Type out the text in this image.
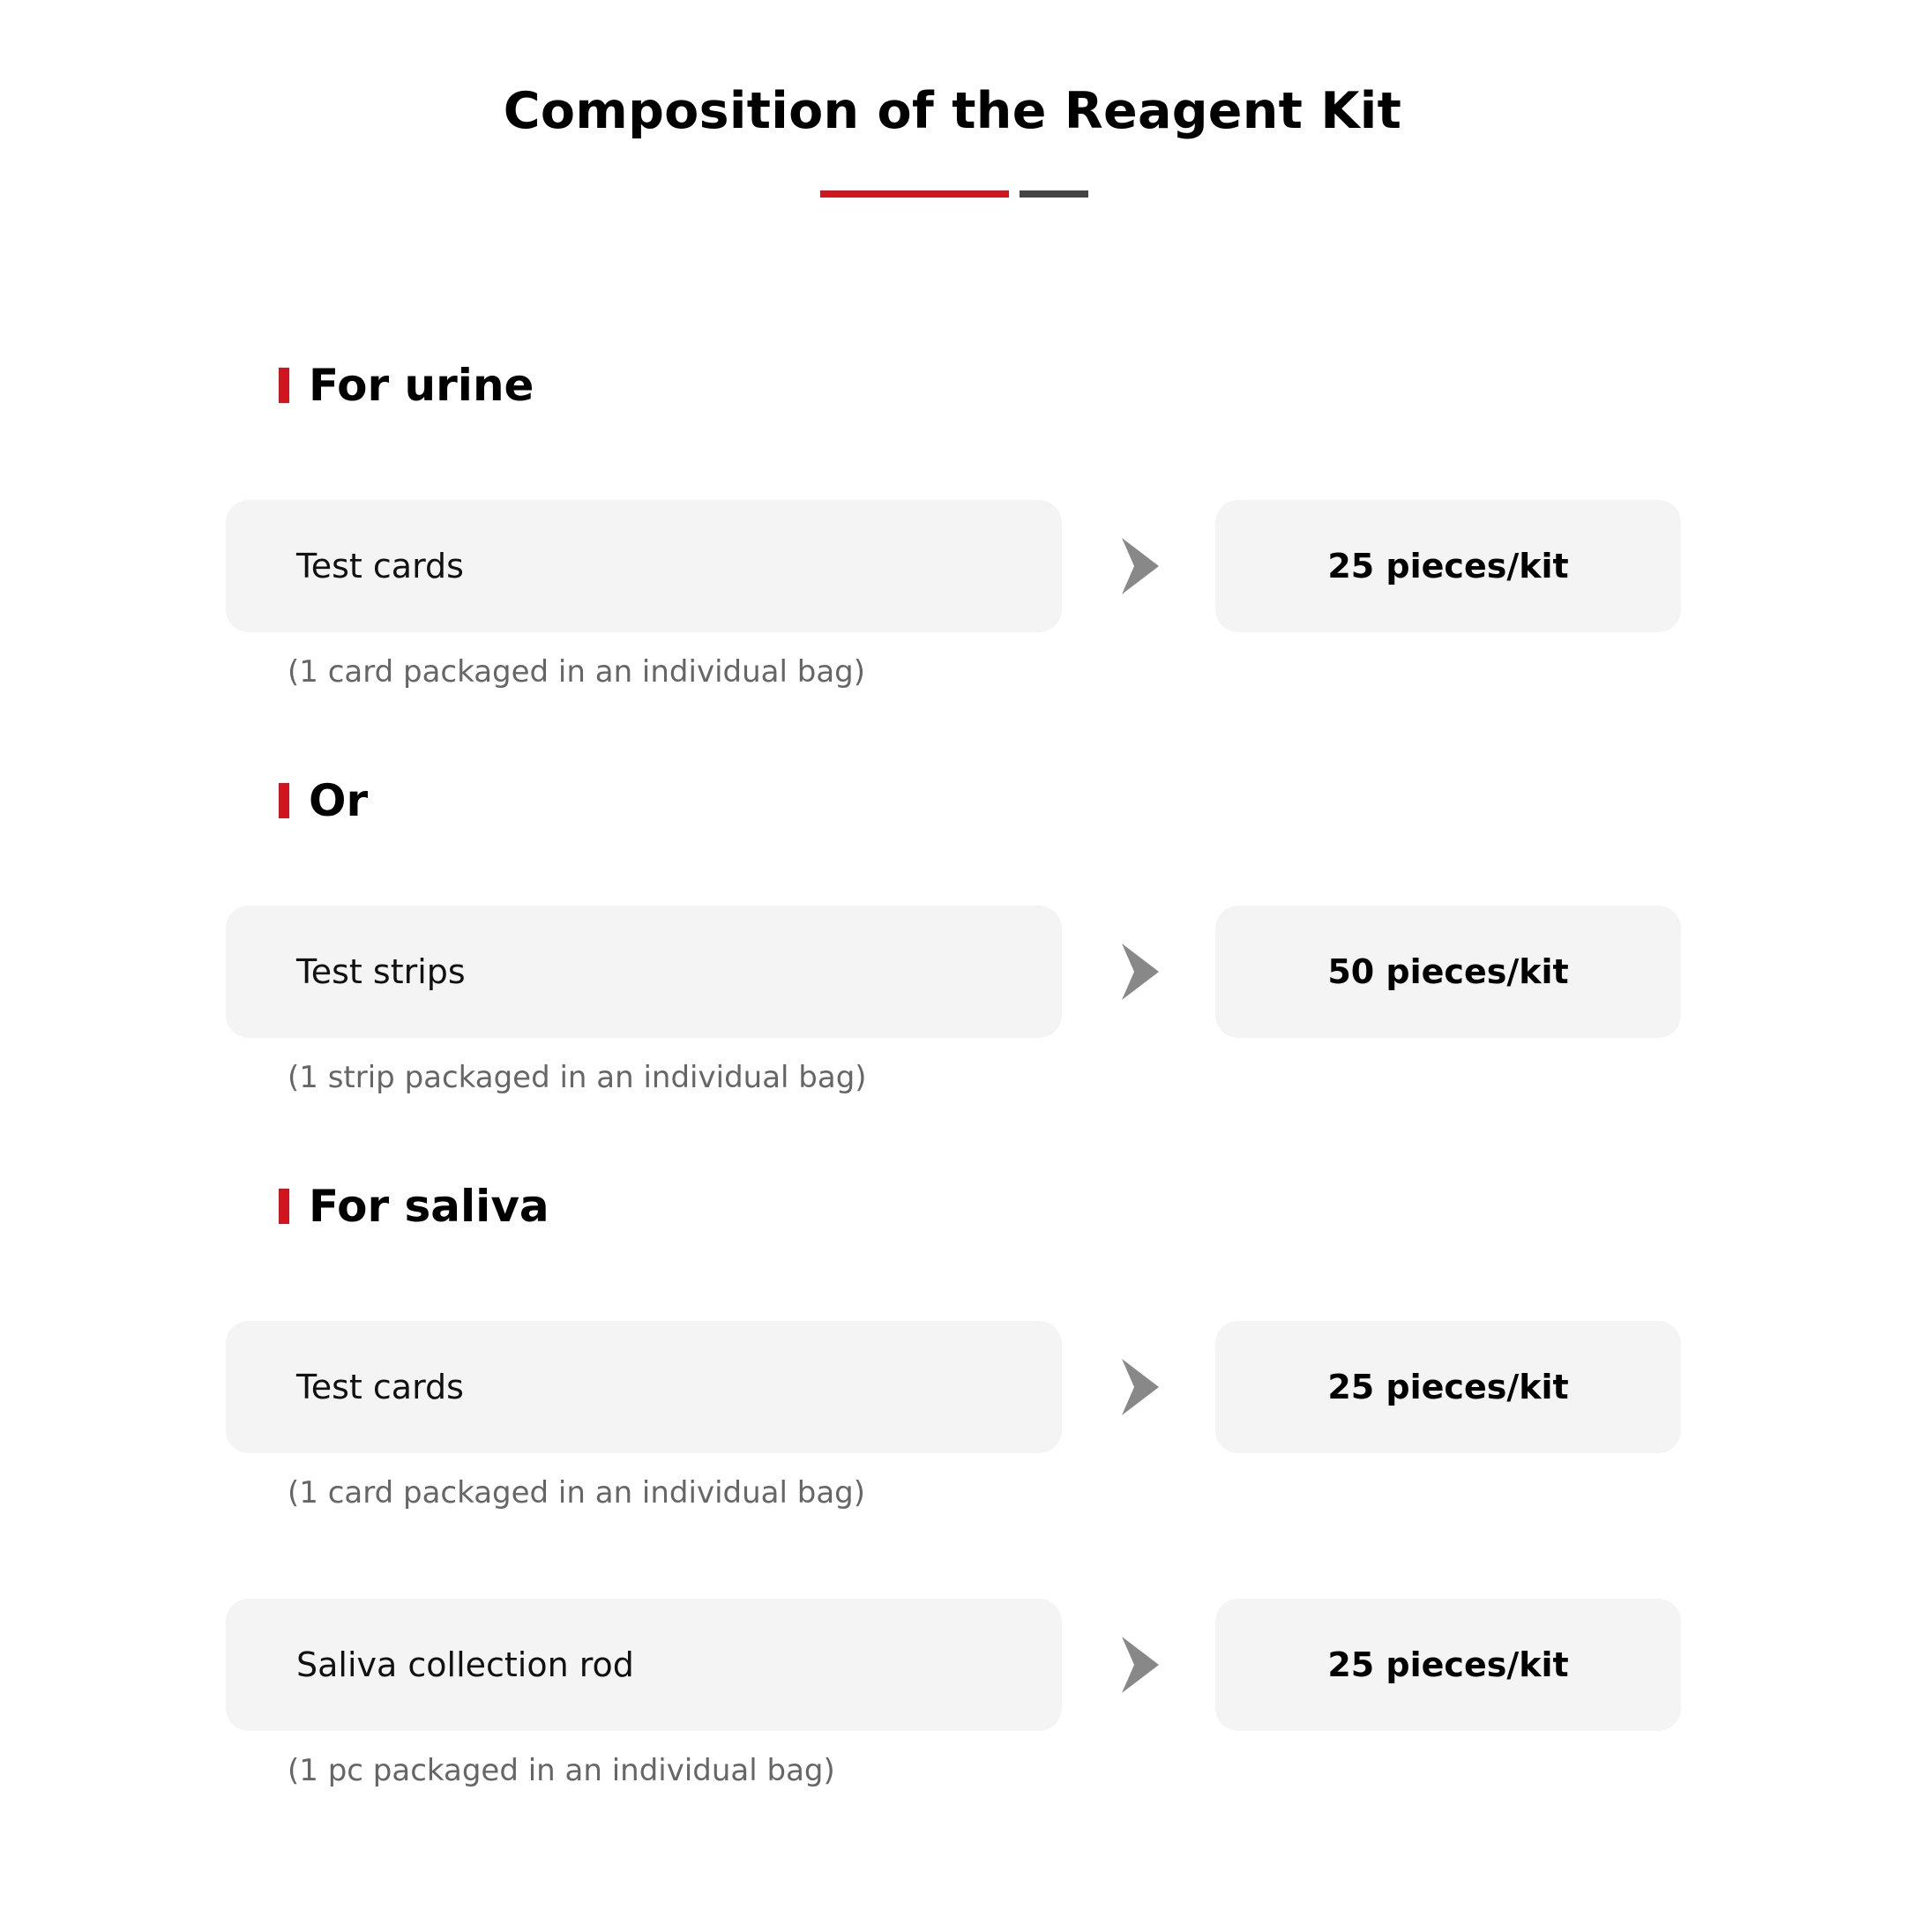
Composition of the Reagent Kit
For urine
Test cards	25 pieces/kit
(1 card packaged in an individual bag)
Or
Test strips	50 pieces/kit
(1 strip packaged in an individual bag)
For saliva
Test cards	25 pieces/kit
(1 card packaged in an individual bag)
Saliva collection rod	25 pieces/kit
(1 pc packaged in an individual bag)
